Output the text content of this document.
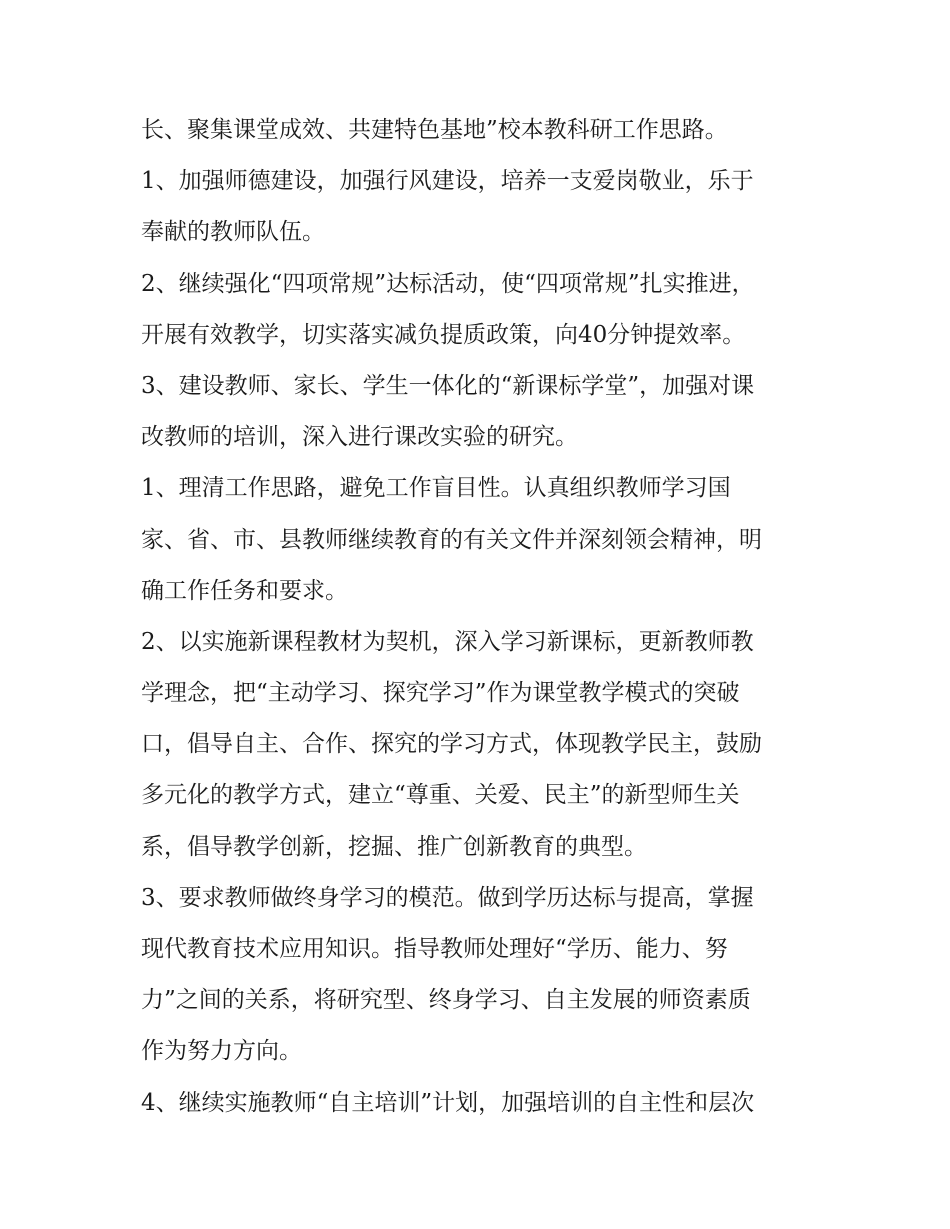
长、聚集课堂成效、共建特色基地”校本教科研工作思路。
1、加强师德建设，加强行风建设，培养一支爱岗敬业，乐于
奉献的教师队伍。
2、继续强化“四项常规”达标活动，使“四项常规”扎实推进，
开展有效教学，切实落实减负提质政策，向40分钟提效率。
3、建设教师、家长、学生一体化的“新课标学堂”，加强对课
改教师的培训，深入进行课改实验的研究。
1、理清工作思路，避免工作盲目性。认真组织教师学习国
家、省、市、县教师继续教育的有关文件并深刻领会精神，明
确工作任务和要求。
2、以实施新课程教材为契机，深入学习新课标，更新教师教
学理念，把“主动学习、探究学习”作为课堂教学模式的突破
口，倡导自主、合作、探究的学习方式，体现教学民主，鼓励
多元化的教学方式，建立“尊重、关爱、民主”的新型师生关
系，倡导教学创新，挖掘、推广创新教育的典型。
3、要求教师做终身学习的模范。做到学历达标与提高，掌握
现代教育技术应用知识。指导教师处理好“学历、能力、努
力”之间的关系，将研究型、终身学习、自主发展的师资素质
作为努力方向。
4、继续实施教师“自主培训”计划，加强培训的自主性和层次
